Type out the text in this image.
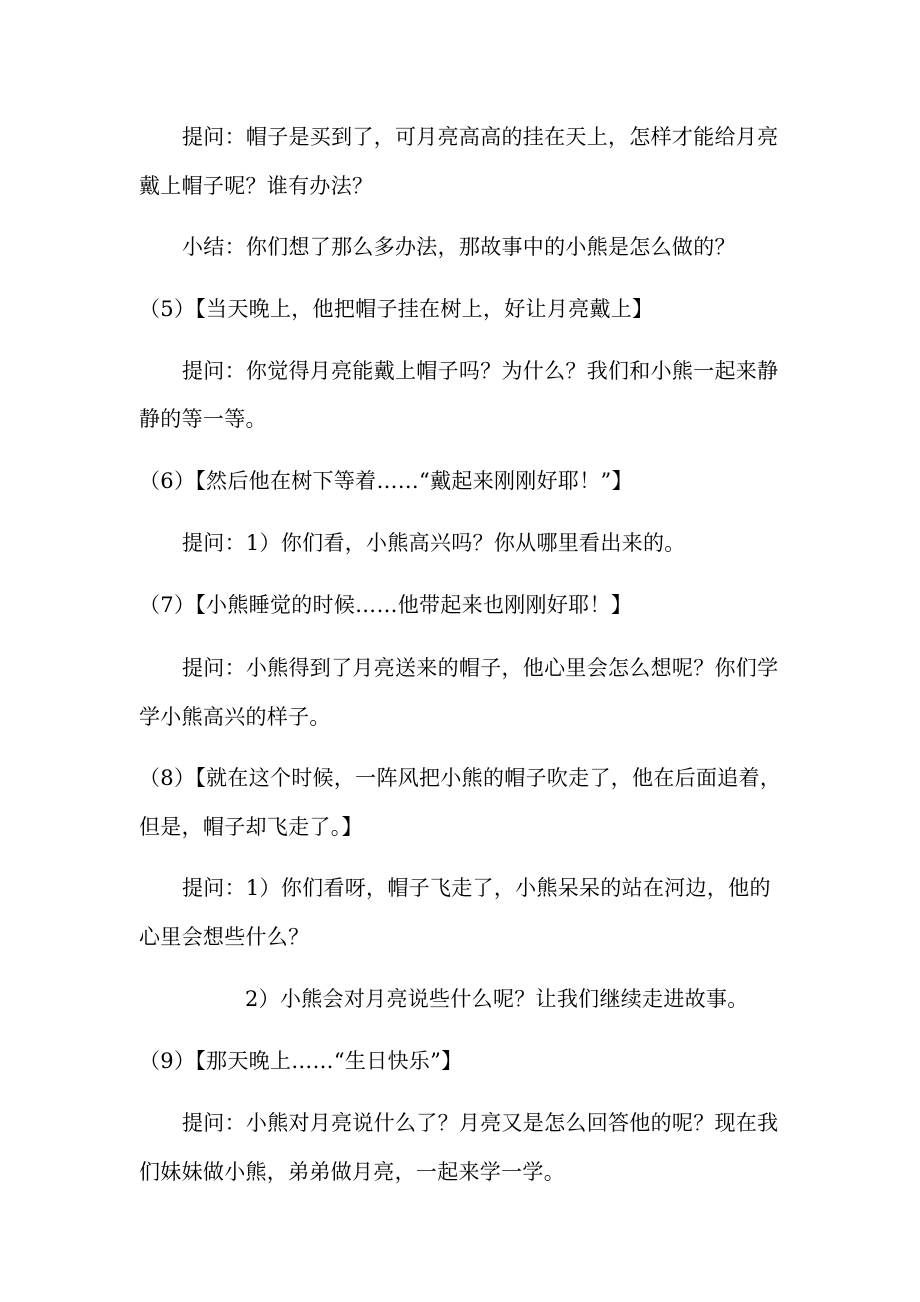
提问：帽子是买到了，可月亮高高的挂在天上，怎样才能给月亮
戴上帽子呢？谁有办法？
小结：你们想了那么多办法，那故事中的小熊是怎么做的？
（5）【当天晚上，他把帽子挂在树上，好让月亮戴上】
提问：你觉得月亮能戴上帽子吗？为什么？我们和小熊一起来静
静的等一等。
（6）【然后他在树下等着……“戴起来刚刚好耶！”】
提问：1）你们看，小熊高兴吗？你从哪里看出来的。
（7）【小熊睡觉的时候……他带起来也刚刚好耶！】
提问：小熊得到了月亮送来的帽子，他心里会怎么想呢？你们学
学小熊高兴的样子。
（8）【就在这个时候，一阵风把小熊的帽子吹走了，他在后面追着，
但是，帽子却飞走了。】
提问：1）你们看呀，帽子飞走了，小熊呆呆的站在河边，他的
心里会想些什么？
2）小熊会对月亮说些什么呢？让我们继续走进故事。
（9）【那天晚上……“生日快乐”】
提问：小熊对月亮说什么了？月亮又是怎么回答他的呢？现在我
们妹妹做小熊，弟弟做月亮，一起来学一学。
